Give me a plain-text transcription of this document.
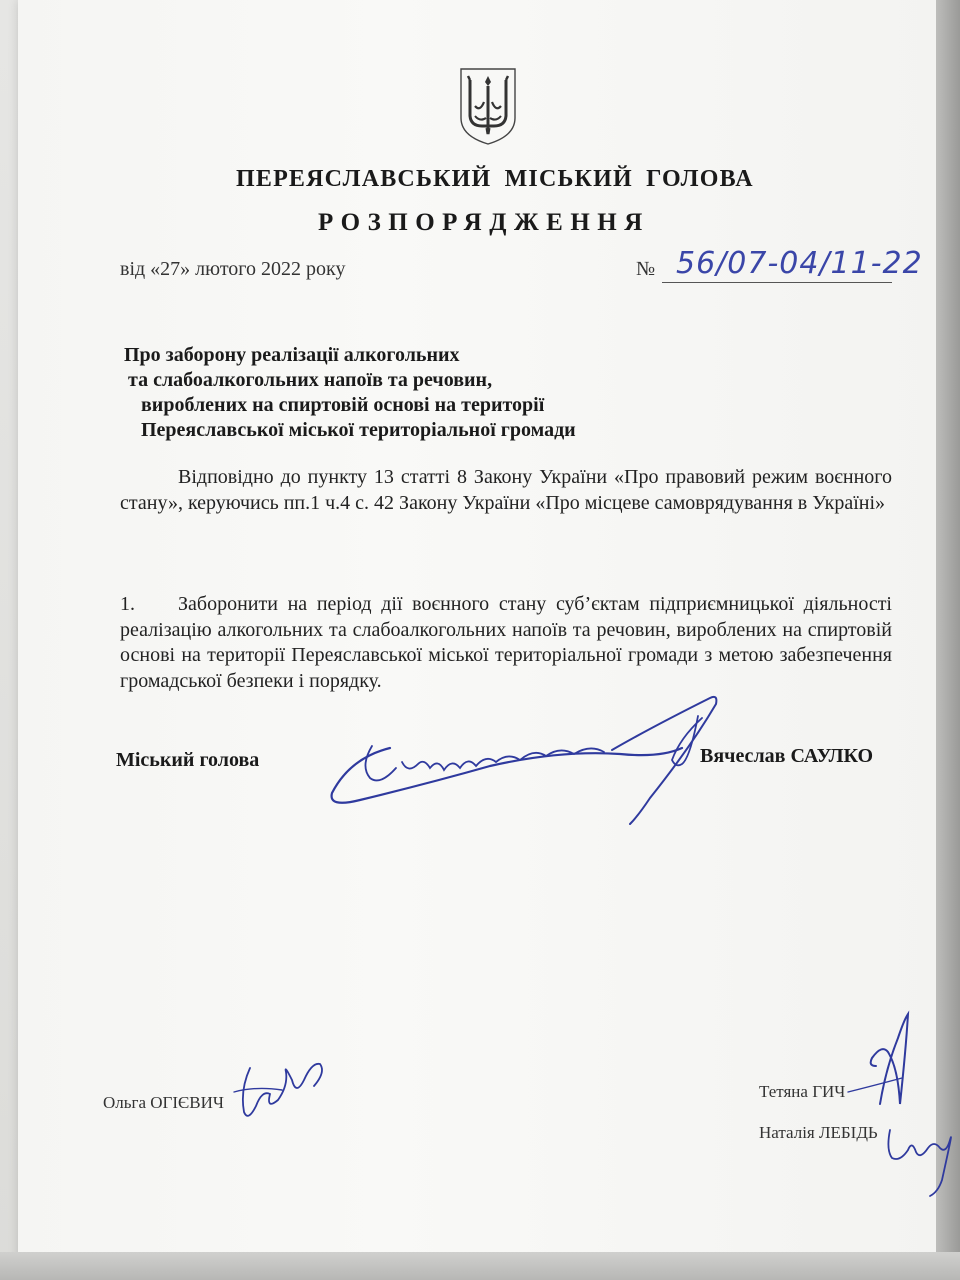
ПЕРЕЯСЛАВСЬКИЙ МІСЬКИЙ ГОЛОВА
РОЗПОРЯДЖЕННЯ
від «27» лютого 2022 року	№ 56/07-04/11-22
Про заборону реалізації алкогольних
та слабоалкогольних напоїв та речовин,
вироблених на спиртовій основі на території
Переяславської міської територіальної громади
Відповідно до пункту 13 статті 8 Закону України «Про правовий режим воєнного стану», керуючись пп.1 ч.4 с. 42 Закону України «Про місцеве самоврядування в Україні»
1. Заборонити на період дії воєнного стану суб’єктам підприємницької діяльності реалізацію алкогольних та слабоалкогольних напоїв та речовин, вироблених на спиртовій основі на території Переяславської міської територіальної громади з метою забезпечення громадської безпеки і порядку.
Міський голова	Вячеслав САУЛКО
Ольга ОГІЄВИЧ
Тетяна ГИЧ
Наталія ЛЕБІДЬ
